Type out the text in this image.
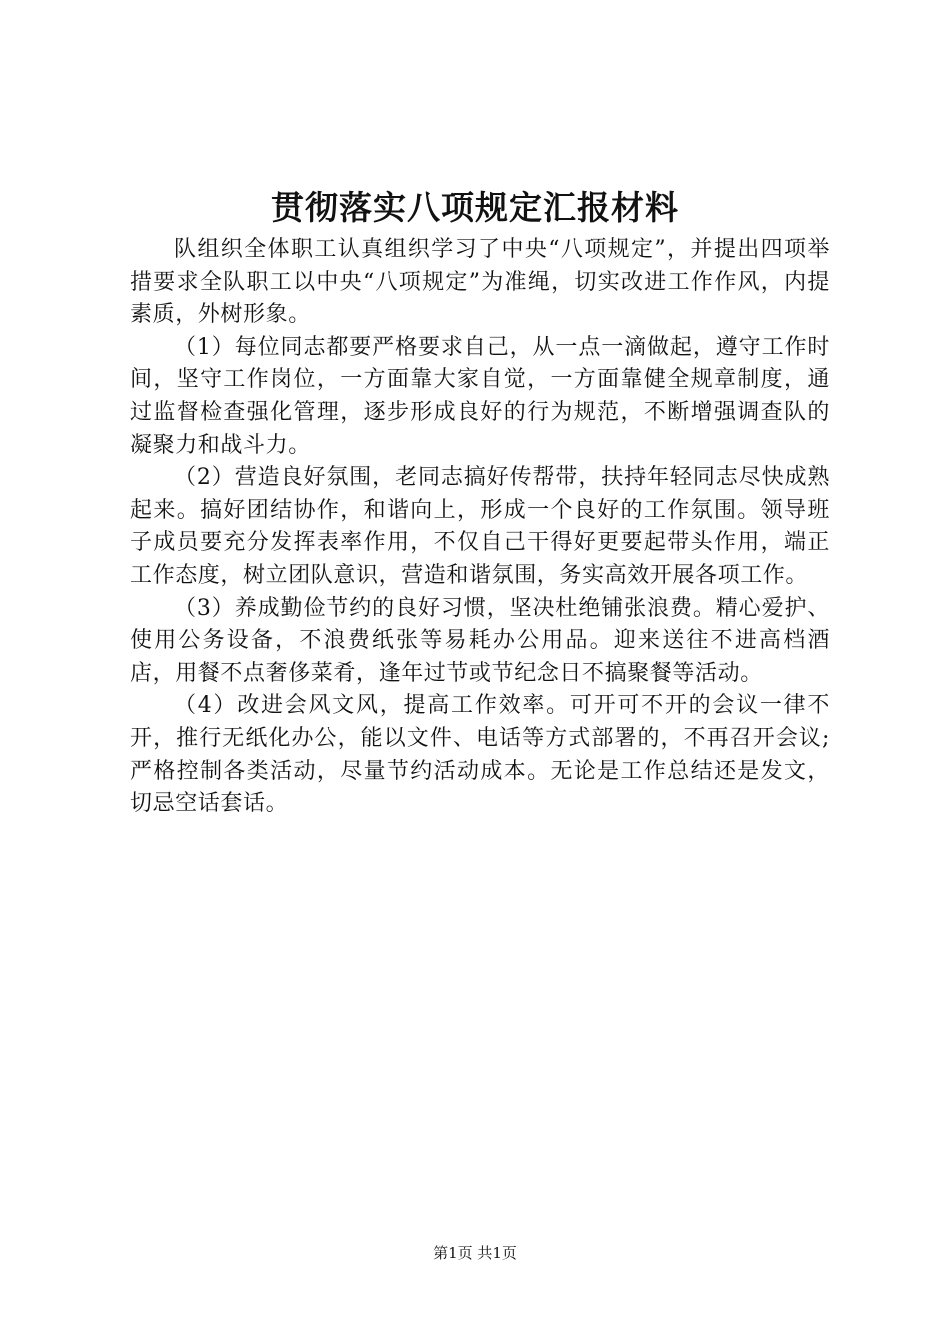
贯彻落实八项规定汇报材料

队组织全体职工认真组织学习了中央“八项规定”，并提出四项举措要求全队职工以中央“八项规定”为准绳，切实改进工作作风，内提素质，外树形象。

（1）每位同志都要严格要求自己，从一点一滴做起，遵守工作时间，坚守工作岗位，一方面靠大家自觉，一方面靠健全规章制度，通过监督检查强化管理，逐步形成良好的行为规范，不断增强调查队的凝聚力和战斗力。

（2）营造良好氛围，老同志搞好传帮带，扶持年轻同志尽快成熟起来。搞好团结协作，和谐向上，形成一个良好的工作氛围。领导班子成员要充分发挥表率作用，不仅自己干得好更要起带头作用，端正工作态度，树立团队意识，营造和谐氛围，务实高效开展各项工作。

（3）养成勤俭节约的良好习惯，坚决杜绝铺张浪费。精心爱护、使用公务设备，不浪费纸张等易耗办公用品。迎来送往不进高档酒店，用餐不点奢侈菜肴，逢年过节或节纪念日不搞聚餐等活动。

（4）改进会风文风，提高工作效率。可开可不开的会议一律不开，推行无纸化办公，能以文件、电话等方式部署的，不再召开会议;严格控制各类活动，尽量节约活动成本。无论是工作总结还是发文，切忌空话套话。

第1页 共1页
